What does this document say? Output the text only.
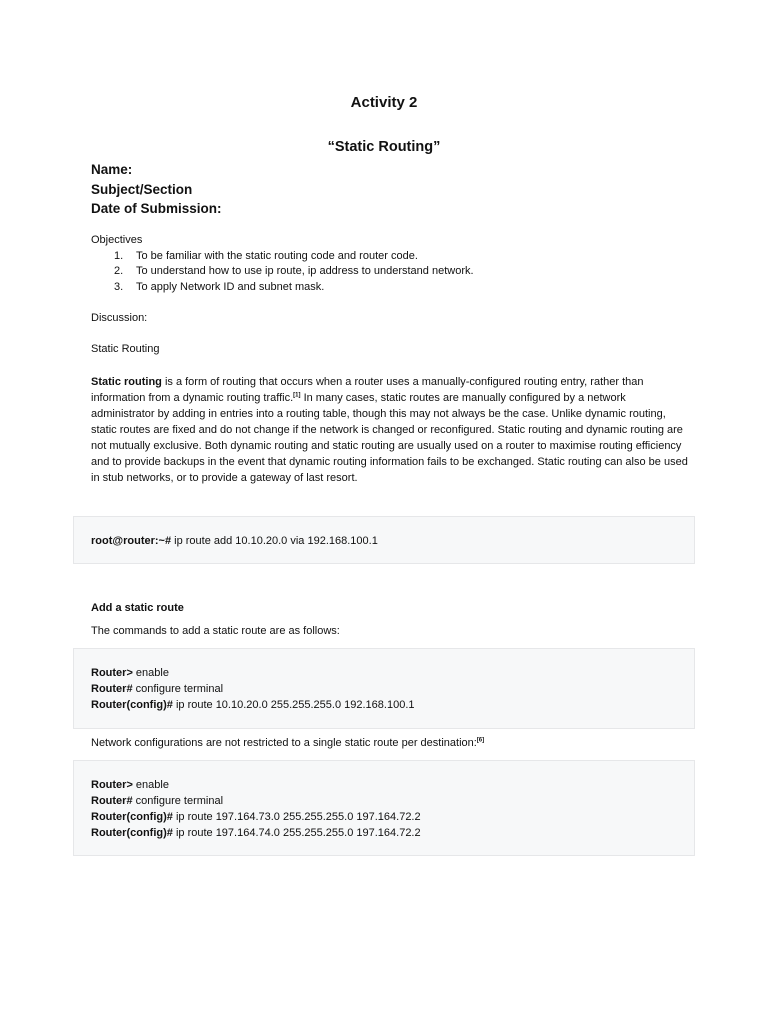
Activity 2
“Static Routing”
Name:
Subject/Section
Date of Submission:
Objectives
1. To be familiar with the static routing code and router code.
2. To understand how to use ip route, ip address to understand network.
3. To apply Network ID and subnet mask.
Discussion:
Static Routing
Static routing is a form of routing that occurs when a router uses a manually-configured routing entry, rather than information from a dynamic routing traffic.[1] In many cases, static routes are manually configured by a network administrator by adding in entries into a routing table, though this may not always be the case. Unlike dynamic routing, static routes are fixed and do not change if the network is changed or reconfigured. Static routing and dynamic routing are not mutually exclusive. Both dynamic routing and static routing are usually used on a router to maximise routing efficiency and to provide backups in the event that dynamic routing information fails to be exchanged. Static routing can also be used in stub networks, or to provide a gateway of last resort.
root@router:~# ip route add 10.10.20.0 via 192.168.100.1
Add a static route
The commands to add a static route are as follows:
Router> enable
Router# configure terminal
Router(config)# ip route 10.10.20.0 255.255.255.0 192.168.100.1
Network configurations are not restricted to a single static route per destination:[6]
Router> enable
Router# configure terminal
Router(config)# ip route 197.164.73.0 255.255.255.0 197.164.72.2
Router(config)# ip route 197.164.74.0 255.255.255.0 197.164.72.2
